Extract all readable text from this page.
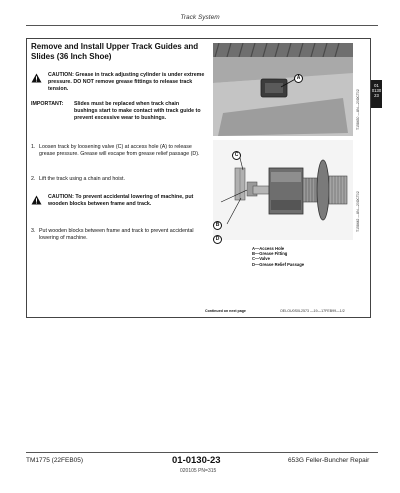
Track System
01
0130
23
Remove and Install Upper Track Guides and Slides (36 Inch Shoe)
CAUTION: Grease in track adjusting cylinder is under extreme pressure. DO NOT remove grease fittings to release track tension.
IMPORTANT: Slides must be replaced when track chain bushings start to make contact with track guide to prevent excessive wear to bushings.
1. Loosen track by loosening valve (C) at access hole (A) to release grease pressure. Grease will escape from grease relief passage (D).
2. Lift the track using a chain and hoist.
CAUTION: To prevent accidental lowering of machine, put wooden blocks between frame and track.
3. Put wooden blocks between frame and track to prevent accidental lowering of machine.
A
T158430 —UN—20OCT02
C
B
D
T158442 —UN—20OCT02
A—Access Hole
B—Grease Fitting
C—Valve
D—Grease Relief Passage
Continued on next page	OELOU0S0L2573 —19—17FEB99—1/2
TM1775 (22FEB05)	01-0130-23
020105 PN=315
653G Feller-Buncher Repair
